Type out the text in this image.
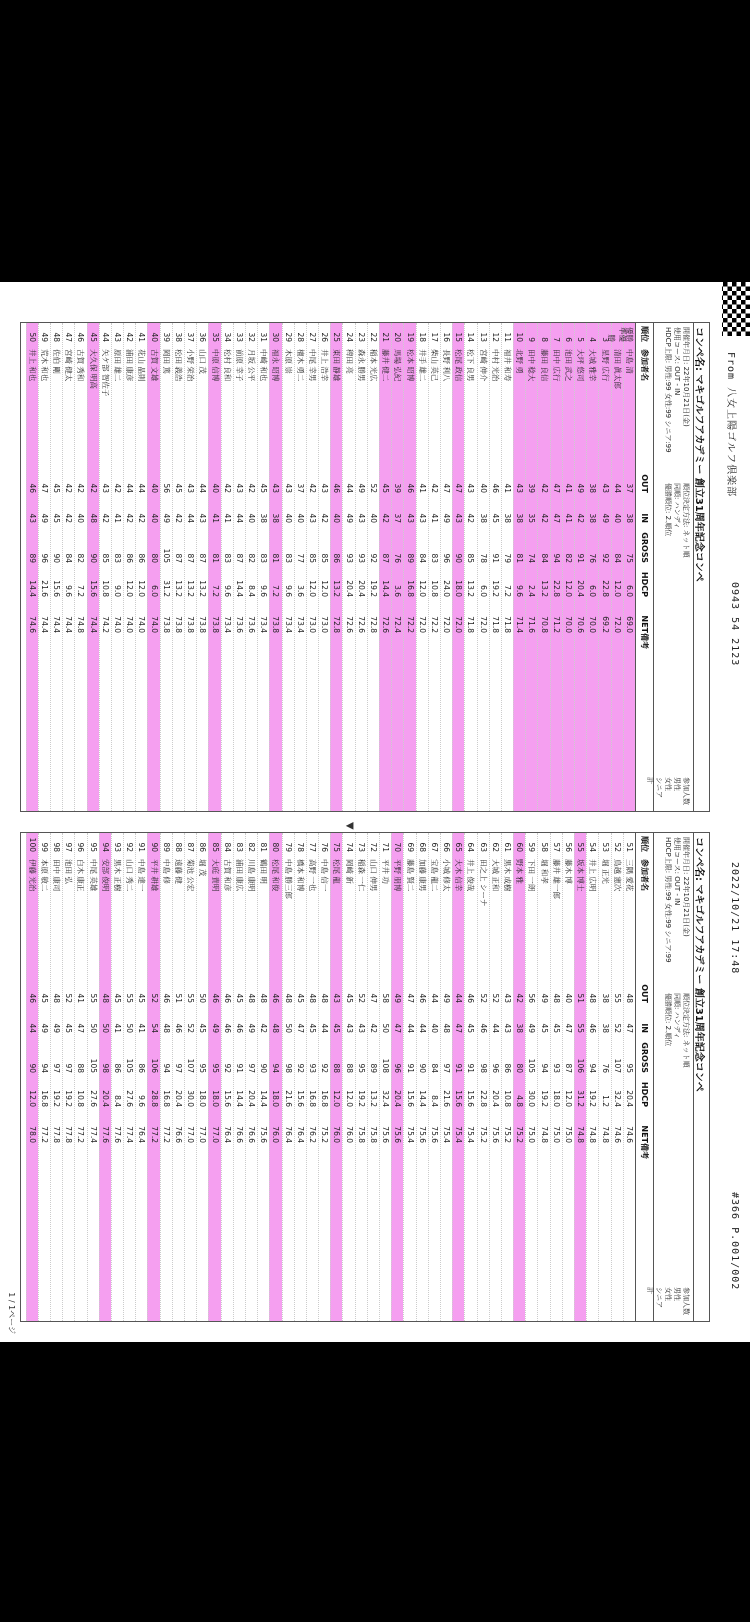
From 八女上陽ゴルフ倶楽部
0943 54 2123
2022/10/21 17:48
#366 P.001/002
コンペ名: マキゴルフアカデミー 創立31周年記念コンペ
開催年月日: 22年10月21日(金)
使用コース: OUT - IN
HDCP上限: 男性:99 女性:99 シニア:99
順位決定方法: ネット順
同順: ハンディ
優勝順位: 2.順位
参加人数
男性
女性
シニア
計
順位
参加者名
OUT
IN
GROSS
HDCP
NET
備考
優勝
中島 清
37
38
75
6.0
69.0
準優勝
清田 眞太郎
44
40
84
12.0
72.0
3
星野 広行
43
49
92
22.8
69.2
4
大城 雅幸
38
38
76
6.0
70.0
5
大坪 悠司
49
42
91
20.4
70.6
6
池田 武之
41
41
82
12.0
70.0
7
田中 広行
47
47
94
22.8
71.2
8
藤田 良信
42
42
84
13.2
70.8
9
田中 稔大
39
35
74
2.4
71.6
10
北野 勇
43
38
81
9.6
71.4
11
福井 和寿
41
38
79
7.2
71.8
12
中村 光治
46
45
91
19.2
71.8
13
宮崎 伸介
40
38
78
6.0
72.0
14
松下 良男
43
42
85
13.2
71.8
15
松尾 政信
47
43
90
18.0
72.0
16
長野 利八
47
49
96
24.0
72.0
17
柴山 英己
42
41
83
10.8
72.2
18
井手 雄二
41
43
84
12.0
72.0
19
松本 昭博
46
43
89
16.8
72.2
20
馬場 弘紀
39
37
76
3.6
72.4
21
藤井 健二
45
42
87
14.4
72.6
22
稲本 光広
52
40
92
19.2
72.8
23
森永 勝男
49
43
93
20.4
72.6
24
稗田 亮
44
49
93
20.4
72.6
25
東田 静雄
46
40
86
13.2
72.8
26
井上 浩幸
43
42
85
12.0
73.0
27
中尾 幸男
42
43
85
12.0
73.0
28
檀木 勇二
37
40
77
3.6
73.4
29
木原 崇
43
40
83
9.6
73.4
30
福永 昭博
43
38
81
7.2
73.8
31
中崎 和也
45
38
83
9.6
73.4
32
月坂 公平
42
40
82
8.4
73.6
33
前原 幸子
43
44
87
14.4
73.6
34
松村 良和
42
41
83
9.6
73.4
35
中原 信博
40
41
81
7.2
73.8
36
山口 茂
44
43
87
13.2
73.8
37
小野 栄治
43
44
87
13.2
73.8
38
松田 義浩
45
42
87
13.2
73.8
39
岡田 篤
56
49
105
31.2
73.8
40
古賀 文雄
40
40
80
6.0
74.0
41
花山 晶則
44
42
86
12.0
74.0
42
浦田 康彦
44
42
86
12.0
74.0
43
原田 雄二
42
41
83
9.0
74.0
44
矢ケ部 智佐子
43
42
85
10.8
74.2
45
大久保 明高
42
48
90
15.6
74.4
46
古賀 秀和
42
40
82
7.2
74.8
47
宮崎 健太
42
42
84
9.6
74.4
48
佐伯 剛
45
45
90
15.6
74.4
49
荒木 和也
47
49
96
21.6
74.4
50
井上 和也
46
43
89
14.4
74.6
▼
コンペ名: マキゴルフアカデミー 創立31周年記念コンペ
開催年月日: 22年10月21日(金)
使用コース: OUT - IN
HDCP上限: 男性:99 女性:99 シニア:99
順位決定方法: ネット順
同順: ハンディ
優勝順位: 2.順位
参加人数
男性
女性
シニア
計
順位
参加者名
OUT
IN
GROSS
HDCP
NET
備考
51
三隅 愛花
48
47
95
20.4
74.6
52
鳥越 憲次
55
52
107
32.4
74.6
53
堀 正光
38
38
76
1.2
74.8
54
井上 広明
48
46
94
19.2
74.8
55
坂本 博士
51
55
106
31.2
74.8
56
藤木 博
40
47
87
12.0
75.0
57
藤井 雄一郎
48
45
93
18.0
75.0
58
堀 和孝
49
45
94
19.2
74.8
59
下田 一朗
56
49
105
30.0
75.0
60
野本 雅
42
38
80
4.8
75.2
61
黒木 成樹
43
43
86
10.8
75.2
62
大城 正和
52
44
96
20.4
75.6
63
田之上 シーナ
52
46
98
22.8
75.2
64
井上 俊哉
46
45
91
15.6
75.4
65
大木 信幸
44
47
91
15.6
75.4
66
小城 修太
49
48
97
21.6
75.4
67
宝島 龍二
44
40
84
8.4
75.6
68
加藤 康男
46
44
90
14.4
75.6
69
藤島 賢二
47
44
91
15.6
75.4
70
平野 朋博
49
47
96
20.4
75.6
71
平井 功
58
50
108
32.4
75.6
72
山口 伸男
47
42
89
13.2
75.8
73
稲森 一仁
52
43
95
19.2
75.8
74
岡崎 新
45
43
88
12.0
76.0
75
松尾 龍
43
45
88
12.0
76.0
76
中島 信一
48
44
92
16.8
75.2
77
高野 一也
48
45
93
16.8
76.2
78
橋本 和博
45
47
92
15.6
76.4
79
中島 勝三郎
48
50
98
21.6
76.4
80
松尾 和俊
46
48
94
18.0
76.0
81
鶴田 明
48
42
90
14.4
75.6
82
川島 康明
48
49
97
20.4
76.6
83
浦田 康広
45
46
91
14.4
76.6
84
古賀 和彦
46
46
92
15.6
76.4
85
大庭 貴明
46
49
95
18.0
77.0
86
堀 茂
50
45
95
18.0
77.0
87
菊池 公宏
55
52
107
30.0
77.0
88
遠藤 健
51
46
97
20.4
76.6
89
中島 修
46
48
94
16.8
77.2
90
平井 耕雄
52
54
106
28.8
77.2
91
中島 達一
45
41
86
9.6
76.4
92
山口 秀二
55
50
105
27.6
77.4
93
黒木 正樹
45
41
86
8.4
77.6
94
安部 俊明
48
50
98
20.4
77.6
95
中尾 英雄
55
50
105
27.6
77.4
96
白木 康正
41
47
88
10.8
77.2
97
池田 弘
52
45
97
19.2
77.8
98
田中 康司
48
49
97
19.2
77.8
99
本原 敏二
45
49
94
16.8
77.2
100
伊藤 光治
46
44
90
12.0
78.0
1 / 1ページ
